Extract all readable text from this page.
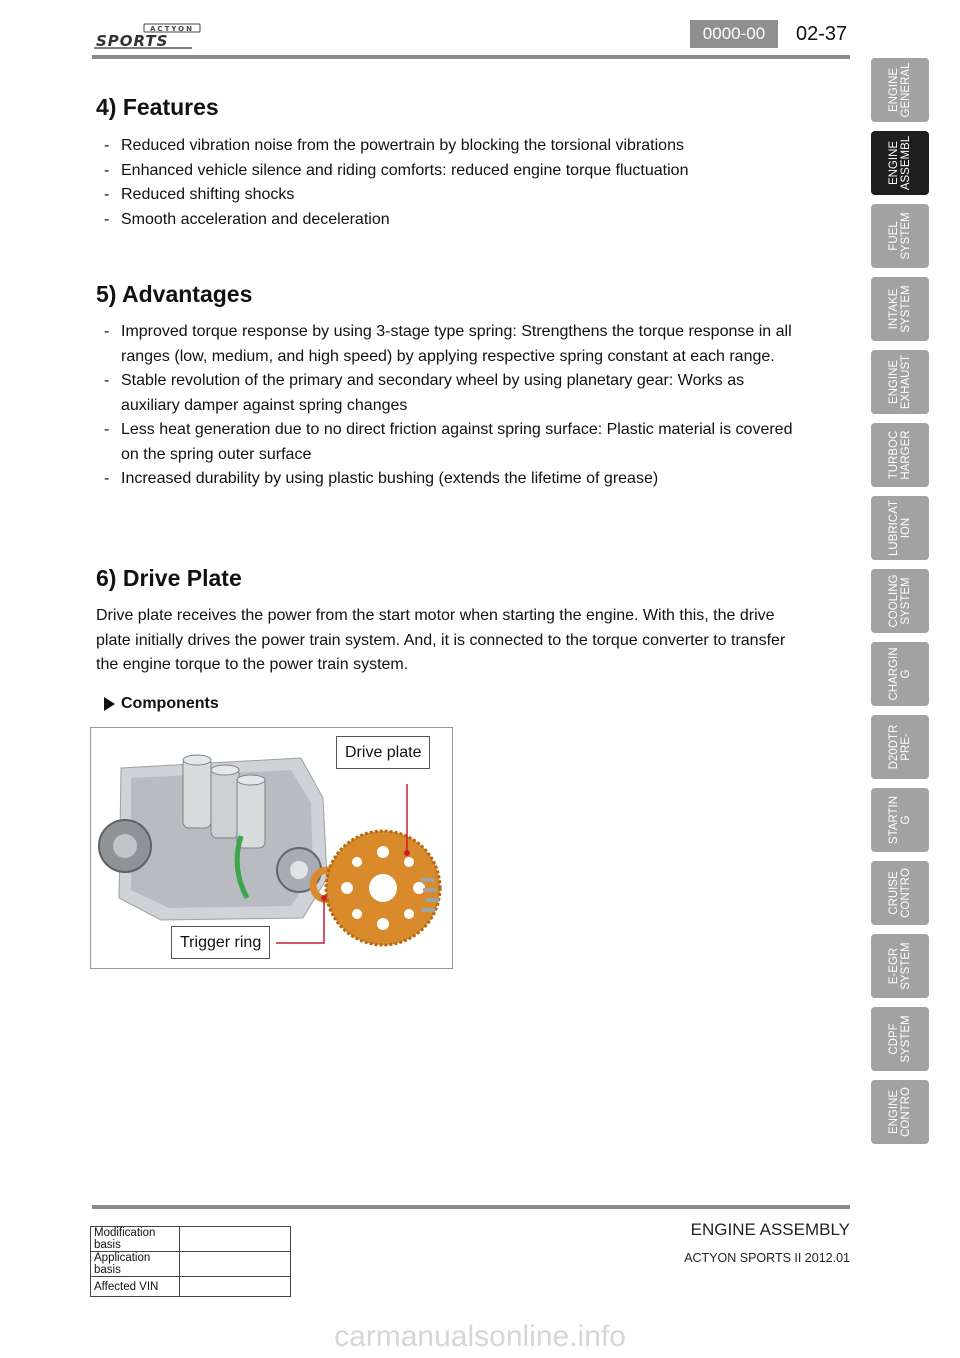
ACTYON
SPORTS	0000-00	02-37
4) Features
- Reduced vibration noise from the powertrain by blocking the torsional vibrations
- Enhanced vehicle silence and riding comforts: reduced engine torque fluctuation
- Reduced shifting shocks
- Smooth acceleration and deceleration
5) Advantages
- Improved torque response by using 3-stage type spring: Strengthens the torque response in all ranges (low, medium, and high speed) by applying respective spring constant at each range.
- Stable revolution of the primary and secondary wheel by using planetary gear: Works as auxiliary damper against spring changes
- Less heat generation due to no direct friction against spring surface: Plastic material is covered on the spring outer surface
- Increased durability by using plastic bushing (extends the lifetime of grease)
6) Drive Plate
Drive plate receives the power from the start motor when starting the engine. With this, the drive plate initially drives the power train system. And, it is connected to the torque converter to transfer the engine torque to the power train system.
Components
Drive plate
Trigger ring
ENGINE
GENERAL
ENGINE
ASSEMBL
FUEL
SYSTEM
INTAKE
SYSTEM
ENGINE
EXHAUST
TURBOC
HARGER
LUBRICAT
ION
COOLING
SYSTEM
CHARGIN
G
D20DTR
PRE-
STARTIN
G
CRUISE
CONTRO
E-EGR
SYSTEM
CDPF
SYSTEM
ENGINE
CONTRO
Modification basis	
Application basis	
Affected VIN	
ENGINE ASSEMBLY
ACTYON SPORTS II 2012.01
carmanualsonline.info
